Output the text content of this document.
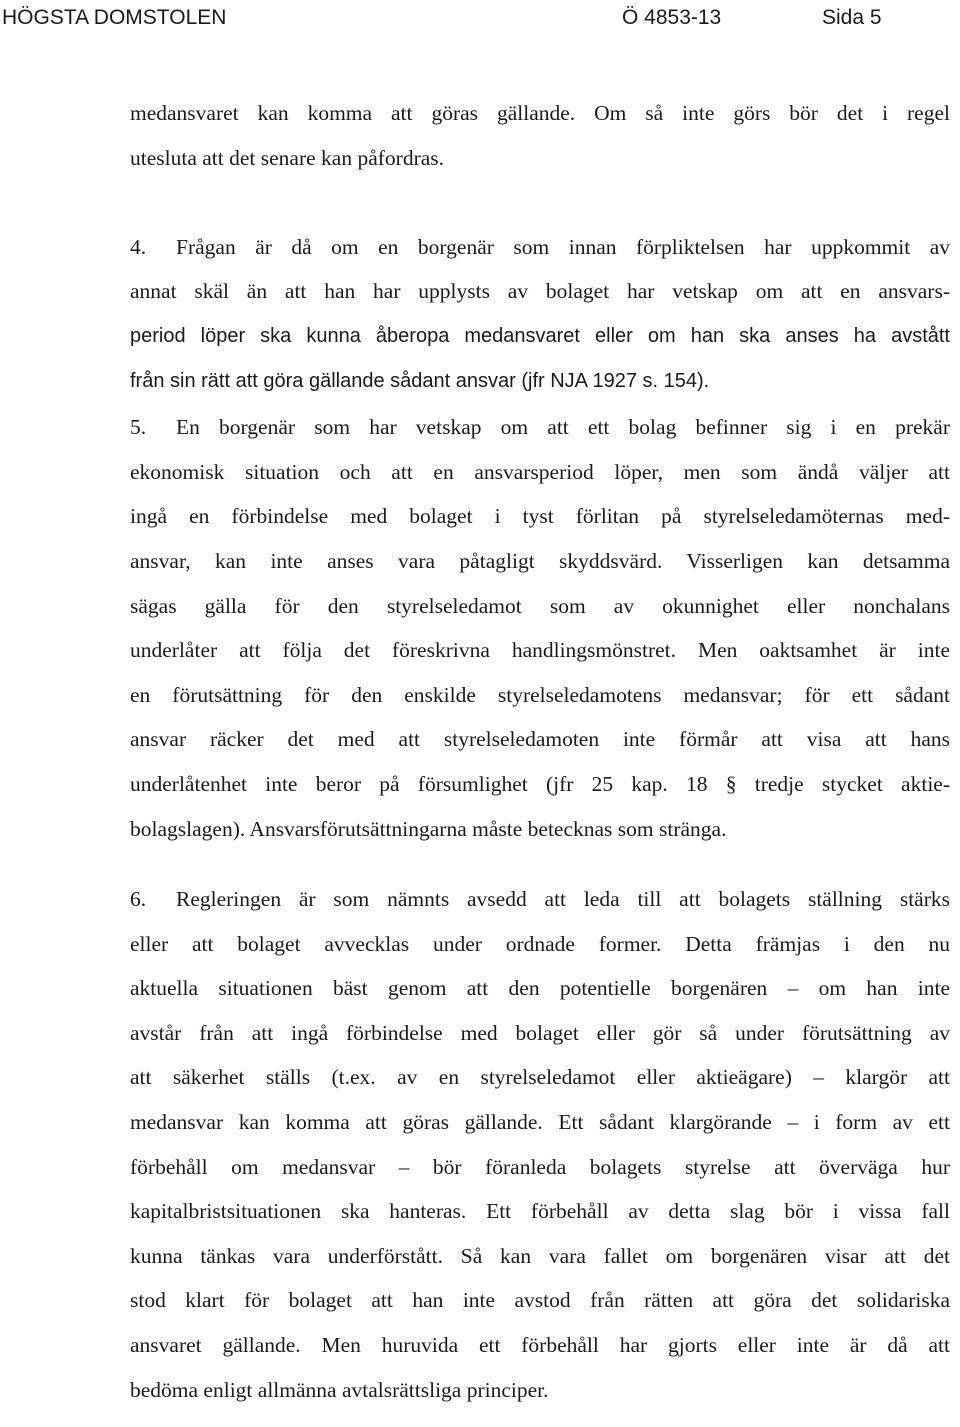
HÖGSTA DOMSTOLEN	Ö 4853-13	Sida 5
medansvaret kan komma att göras gällande. Om så inte görs bör det i regel
utesluta att det senare kan påfordras.
4.	Frågan är då om en borgenär som innan förpliktelsen har uppkommit av
annat skäl än att han har upplysts av bolaget har vetskap om att en ansvars-
period löper ska kunna åberopa medansvaret eller om han ska anses ha avstått
från sin rätt att göra gällande sådant ansvar (jfr NJA 1927 s. 154).
5.	En borgenär som har vetskap om att ett bolag befinner sig i en prekär
ekonomisk situation och att en ansvarsperiod löper, men som ändå väljer att
ingå en förbindelse med bolaget i tyst förlitan på styrelseledamöternas med-
ansvar, kan inte anses vara påtagligt skyddsvärd. Visserligen kan detsamma
sägas gälla för den styrelseledamot som av okunnighet eller nonchalans
underlåter att följa det föreskrivna handlingsmönstret. Men oaktsamhet är inte
en förutsättning för den enskilde styrelseledamotens medansvar; för ett sådant
ansvar räcker det med att styrelseledamoten inte förmår att visa att hans
underlåtenhet inte beror på försumlighet (jfr 25 kap. 18 § tredje stycket aktie-
bolagslagen). Ansvarsförutsättningarna måste betecknas som stränga.
6.	Regleringen är som nämnts avsedd att leda till att bolagets ställning stärks
eller att bolaget avvecklas under ordnade former. Detta främjas i den nu
aktuella situationen bäst genom att den potentielle borgenären – om han inte
avstår från att ingå förbindelse med bolaget eller gör så under förutsättning av
att säkerhet ställs (t.ex. av en styrelseledamot eller aktieägare) – klargör att
medansvar kan komma att göras gällande. Ett sådant klargörande – i form av ett
förbehåll om medansvar – bör föranleda bolagets styrelse att överväga hur
kapitalbristsituationen ska hanteras. Ett förbehåll av detta slag bör i vissa fall
kunna tänkas vara underförstått. Så kan vara fallet om borgenären visar att det
stod klart för bolaget att han inte avstod från rätten att göra det solidariska
ansvaret gällande. Men huruvida ett förbehåll har gjorts eller inte är då att
bedöma enligt allmänna avtalsrättsliga principer.
